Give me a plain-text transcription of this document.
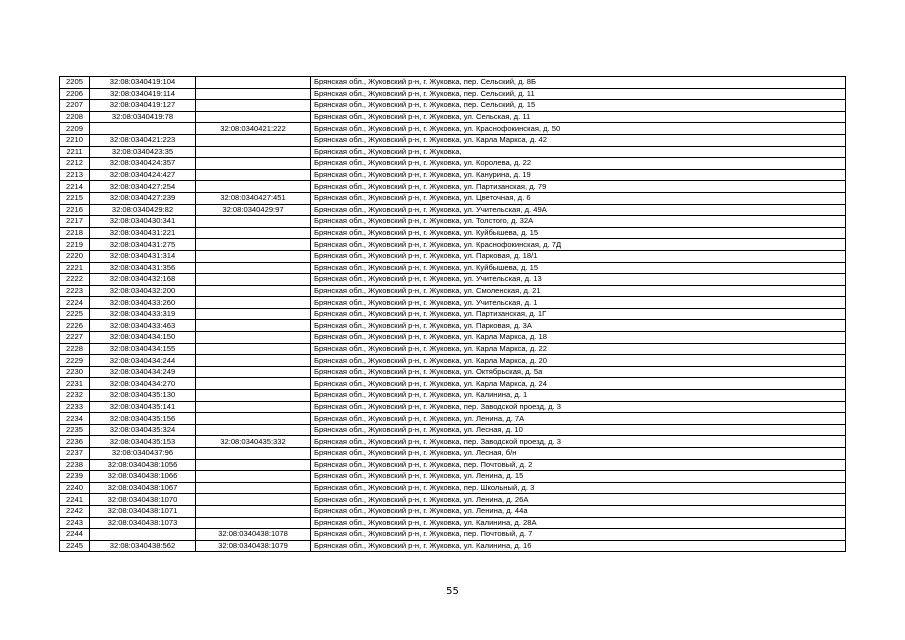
2205	32:08:0340419:104		Брянская обл., Жуковский р-н, г. Жуковка, пер. Сельский, д. 8Б
2206	32:08:0340419:114		Брянская обл., Жуковский р-н, г. Жуковка, пер. Сельский, д. 11
2207	32:08:0340419:127		Брянская обл., Жуковский р-н, г. Жуковка, пер. Сельский, д. 15
2208	32:08:0340419:78		Брянская обл., Жуковский р-н, г. Жуковка, ул. Сельская, д. 11
2209		32:08:0340421:222	Брянская обл., Жуковский р-н, г. Жуковка, ул. Краснофокинская, д. 50
2210	32:08:0340421:223		Брянская обл., Жуковский р-н, г. Жуковка, ул. Карла Маркса, д. 42
2211	32:08:0340423:35		Брянская обл., Жуковский р-н, г. Жуковка,
2212	32:08:0340424:357		Брянская обл., Жуковский р-н, г. Жуковка, ул. Королева, д. 22
2213	32:08:0340424:427		Брянская обл., Жуковский р-н, г. Жуковка, ул. Канурина, д. 19
2214	32:08:0340427:254		Брянская обл., Жуковский р-н, г. Жуковка, ул. Партизанская, д. 79
2215	32:08:0340427:239	32:08:0340427:451	Брянская обл., Жуковский р-н, г. Жуковка, ул. Цветочная, д. 6
2216	32:08:0340429:82	32:08:0340429:97	Брянская обл., Жуковский р-н, г. Жуковка, ул. Учительская, д. 49А
2217	32:08:0340430:341		Брянская обл., Жуковский р-н, г. Жуковка, ул. Толстого, д. 32А
2218	32:08:0340431:221		Брянская обл., Жуковский р-н, г. Жуковка, ул. Куйбышева, д. 15
2219	32:08:0340431:275		Брянская обл., Жуковский р-н, г. Жуковка, ул. Краснофокинская, д. 7Д
2220	32:08:0340431:314		Брянская обл., Жуковский р-н, г. Жуковка, ул. Парковая, д. 18/1
2221	32:08:0340431:356		Брянская обл., Жуковский р-н, г. Жуковка, ул. Куйбышева, д. 15
2222	32:08:0340432:168		Брянская обл., Жуковский р-н, г. Жуковка, ул. Учительская, д. 13
2223	32:08:0340432:200		Брянская обл., Жуковский р-н, г. Жуковка, ул. Смоленская, д. 21
2224	32:08:0340433:260		Брянская обл., Жуковский р-н, г. Жуковка, ул. Учительская, д. 1
2225	32:08:0340433:319		Брянская обл., Жуковский р-н, г. Жуковка, ул. Партизанская, д. 1Г
2226	32:08:0340433:463		Брянская обл., Жуковский р-н, г. Жуковка, ул. Парковая, д. 3А
2227	32:08:0340434:150		Брянская обл., Жуковский р-н, г. Жуковка, ул. Карла Маркса, д. 18
2228	32:08:0340434:155		Брянская обл., Жуковский р-н, г. Жуковка, ул. Карла Маркса, д. 22
2229	32:08:0340434:244		Брянская обл., Жуковский р-н, г. Жуковка, ул. Карла Маркса, д. 20
2230	32:08:0340434:249		Брянская обл., Жуковский р-н, г. Жуковка, ул. Октябрьская, д. 5а
2231	32:08:0340434:270		Брянская обл., Жуковский р-н, г. Жуковка, ул. Карла Маркса, д. 24
2232	32:08:0340435:130		Брянская обл., Жуковский р-н, г. Жуковка, ул. Калинина, д. 1
2233	32:08:0340435:141		Брянская обл., Жуковский р-н, г. Жуковка, пер. Заводской проезд, д. 3
2234	32:08:0340435:156		Брянская обл., Жуковский р-н, г. Жуковка, ул. Ленина, д. 7А
2235	32:08:0340435:324		Брянская обл., Жуковский р-н, г. Жуковка, ул. Лесная, д. 10
2236	32:08:0340435:153	32:08:0340435:332	Брянская обл., Жуковский р-н, г. Жуковка, пер. Заводской проезд, д. 3
2237	32:08:0340437:96		Брянская обл., Жуковский р-н, г. Жуковка, ул. Лесная, б/н
2238	32:08:0340438:1056		Брянская обл., Жуковский р-н, г. Жуковка, пер. Почтовый, д. 2
2239	32:08:0340438:1066		Брянская обл., Жуковский р-н, г. Жуковка, ул. Ленина, д. 15
2240	32:08:0340438:1067		Брянская обл., Жуковский р-н, г. Жуковка, пер. Школьный, д. 3
2241	32:08:0340438:1070		Брянская обл., Жуковский р-н, г. Жуковка, ул. Ленина, д. 26А
2242	32:08:0340438:1071		Брянская обл., Жуковский р-н, г. Жуковка, ул. Ленина, д. 44а
2243	32:08:0340438:1073		Брянская обл., Жуковский р-н, г. Жуковка, ул. Калинина, д. 28А
2244		32:08:0340438:1078	Брянская обл., Жуковский р-н, г. Жуковка, пер. Почтовый, д. 7
2245	32:08:0340438:562	32:08:0340438:1079	Брянская обл., Жуковский р-н, г. Жуковка, ул. Калинина, д. 16
55
